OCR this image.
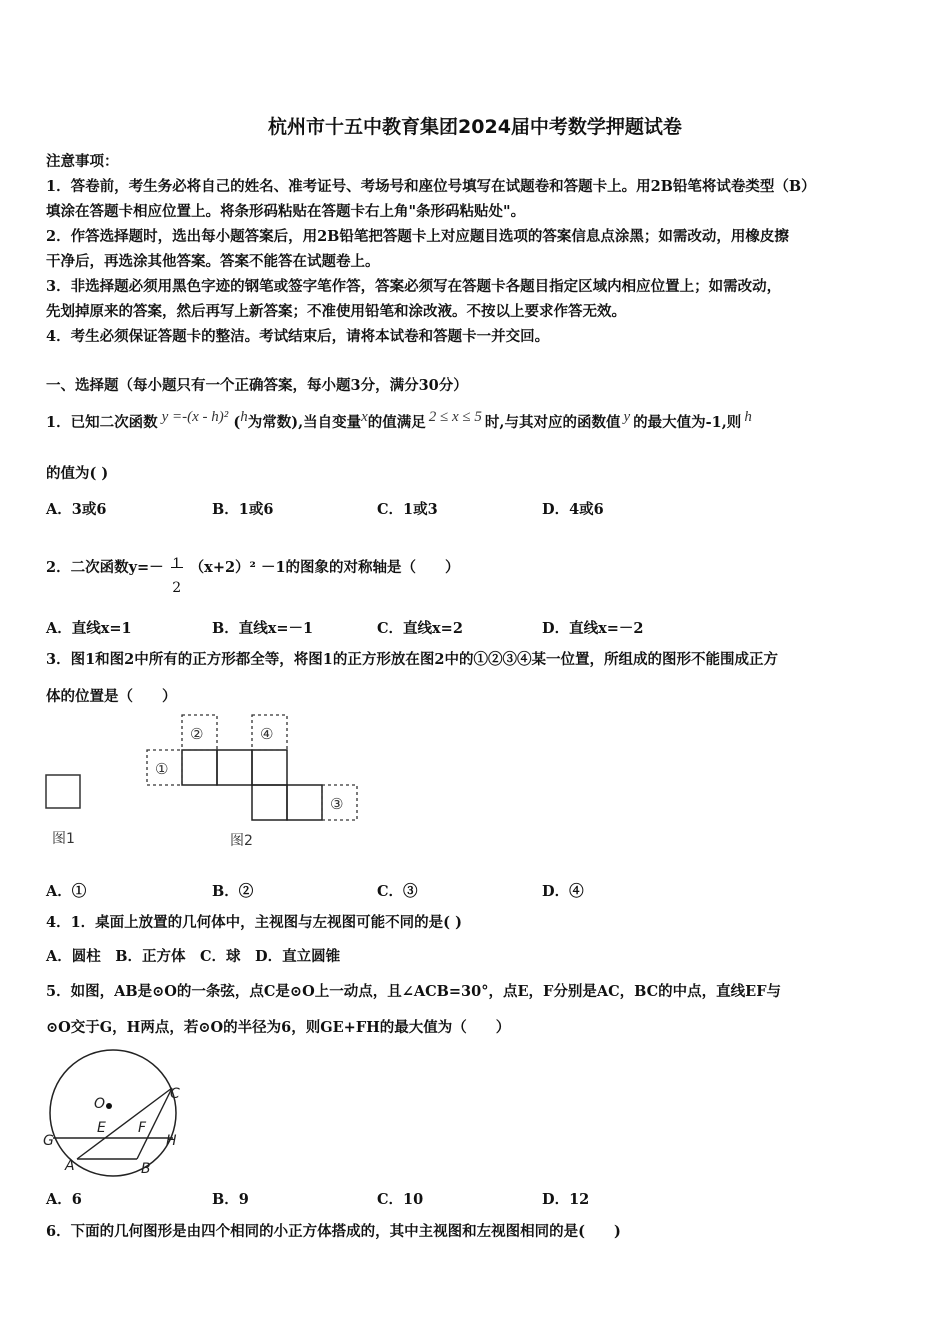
杭州市十五中教育集团2024届中考数学押题试卷
注意事项：
1．答卷前，考生务必将自己的姓名、准考证号、考场号和座位号填写在试题卷和答题卡上。用2B铅笔将试卷类型（B）
填涂在答题卡相应位置上。将条形码粘贴在答题卡右上角"条形码粘贴处"。
2．作答选择题时，选出每小题答案后，用2B铅笔把答题卡上对应题目选项的答案信息点涂黑；如需改动，用橡皮擦
干净后，再选涂其他答案。答案不能答在试题卷上。
3．非选择题必须用黑色字迹的钢笔或签字笔作答，答案必须写在答题卡各题目指定区域内相应位置上；如需改动，
先划掉原来的答案，然后再写上新答案；不准使用铅笔和涂改液。不按以上要求作答无效。
4．考生必须保证答题卡的整洁。考试结束后，请将本试卷和答题卡一并交回。
一、选择题（每小题只有一个正确答案，每小题3分，满分30分）
1．已知二次函数 y =-(x - h)² (h为常数),当自变量x的值满足 2 ≤ x ≤ 5 时,与其对应的函数值 y 的最大值为-1,则 h
的值为( )
A．3或6	B．1或6	C．1或3	D．4或6
2．二次函数y=－ 1
2
（x+2）² －1的图象的对称轴是（　　）
A．直线x=1	B．直线x=－1	C．直线x=2	D．直线x=－2
3．图1和图2中所有的正方形都全等，将图1的正方形放在图2中的①②③④某一位置，所组成的图形不能围成正方
体的位置是（　　）
图1
①
②
③
④
图2
A．①	B．②	C．③	D．④
4．1．桌面上放置的几何体中，主视图与左视图可能不同的是( )
A．圆柱　B．正方体　C．球　D．直立圆锥
5．如图，AB是⊙O的一条弦，点C是⊙O上一动点，且∠ACB=30°，点E，F分别是AC，BC的中点，直线EF与
⊙O交于G，H两点，若⊙O的半径为6，则GE+FH的最大值为（　　）
O
C
E F
G	H
A	B
A．6	B．9	C．10	D．12
6．下面的几何图形是由四个相同的小正方体搭成的，其中主视图和左视图相同的是(　　)
